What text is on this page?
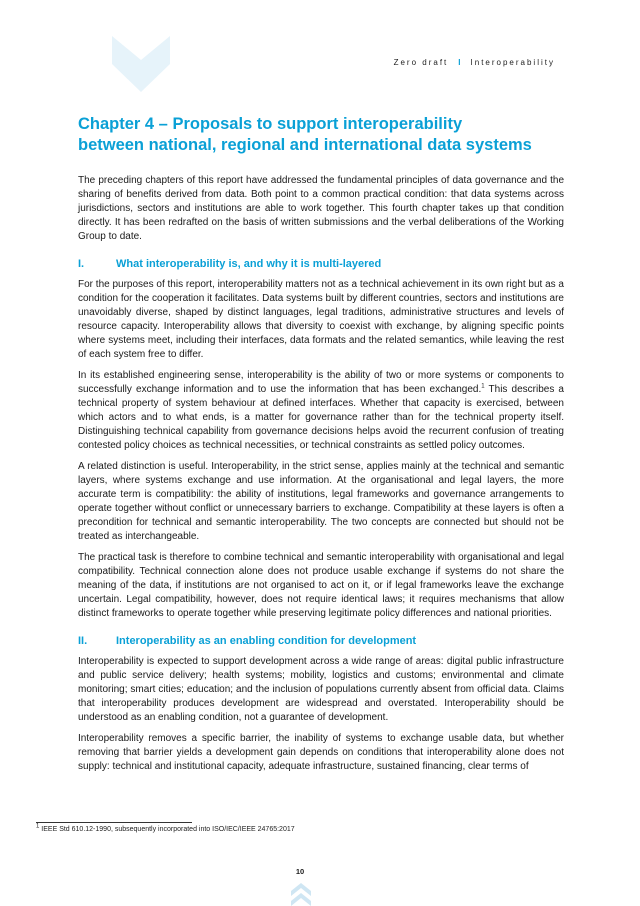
Zero draft I Interoperability
Chapter 4 – Proposals to support interoperability
between national, regional and international data systems

The preceding chapters of this report have addressed the fundamental principles of data governance and the sharing of benefits derived from data. Both point to a common practical condition: that data systems across jurisdictions, sectors and institutions are able to work together. This fourth chapter takes up that condition directly. It has been redrafted on the basis of written submissions and the verbal deliberations of the Working Group to date.

I.	What interoperability is, and why it is multi-layered

For the purposes of this report, interoperability matters not as a technical achievement in its own right but as a condition for the cooperation it facilitates. Data systems built by different countries, sectors and institutions are unavoidably diverse, shaped by distinct languages, legal traditions, administrative structures and levels of resource capacity. Interoperability allows that diversity to coexist with exchange, by aligning specific points where systems meet, including their interfaces, data formats and the related semantics, while leaving the rest of each system free to differ.

In its established engineering sense, interoperability is the ability of two or more systems or components to successfully exchange information and to use the information that has been exchanged.$^1$ This describes a technical property of system behaviour at defined interfaces. Whether that capacity is exercised, between which actors and to what ends, is a matter for governance rather than for the technical property itself. Distinguishing technical capability from governance decisions helps avoid the recurrent confusion of treating contested policy choices as technical necessities, or technical constraints as settled policy outcomes.

A related distinction is useful. Interoperability, in the strict sense, applies mainly at the technical and semantic layers, where systems exchange and use information. At the organisational and legal layers, the more accurate term is compatibility: the ability of institutions, legal frameworks and governance arrangements to operate together without conflict or unnecessary barriers to exchange. Compatibility at these layers is often a precondition for technical and semantic interoperability. The two concepts are connected but should not be treated as interchangeable.

The practical task is therefore to combine technical and semantic interoperability with organisational and legal compatibility. Technical connection alone does not produce usable exchange if systems do not share the meaning of the data, if institutions are not organised to act on it, or if legal frameworks leave the exchange uncertain. Legal compatibility, however, does not require identical laws; it requires mechanisms that allow distinct frameworks to operate together while preserving legitimate policy differences and national priorities.

II.	Interoperability as an enabling condition for development

Interoperability is expected to support development across a wide range of areas: digital public infrastructure and public service delivery; health systems; mobility, logistics and customs; environmental and climate monitoring; smart cities; education; and the inclusion of populations currently absent from official data. Claims that interoperability produces development are widespread and overstated. Interoperability should be understood as an enabling condition, not a guarantee of development.

Interoperability removes a specific barrier, the inability of systems to exchange usable data, but whether removing that barrier yields a development gain depends on conditions that interoperability alone does not supply: technical and institutional capacity, adequate infrastructure, sustained financing, clear terms of

$^1$ IEEE Std 610.12-1990, subsequently incorporated into ISO/IEC/IEEE 24765:2017
10
